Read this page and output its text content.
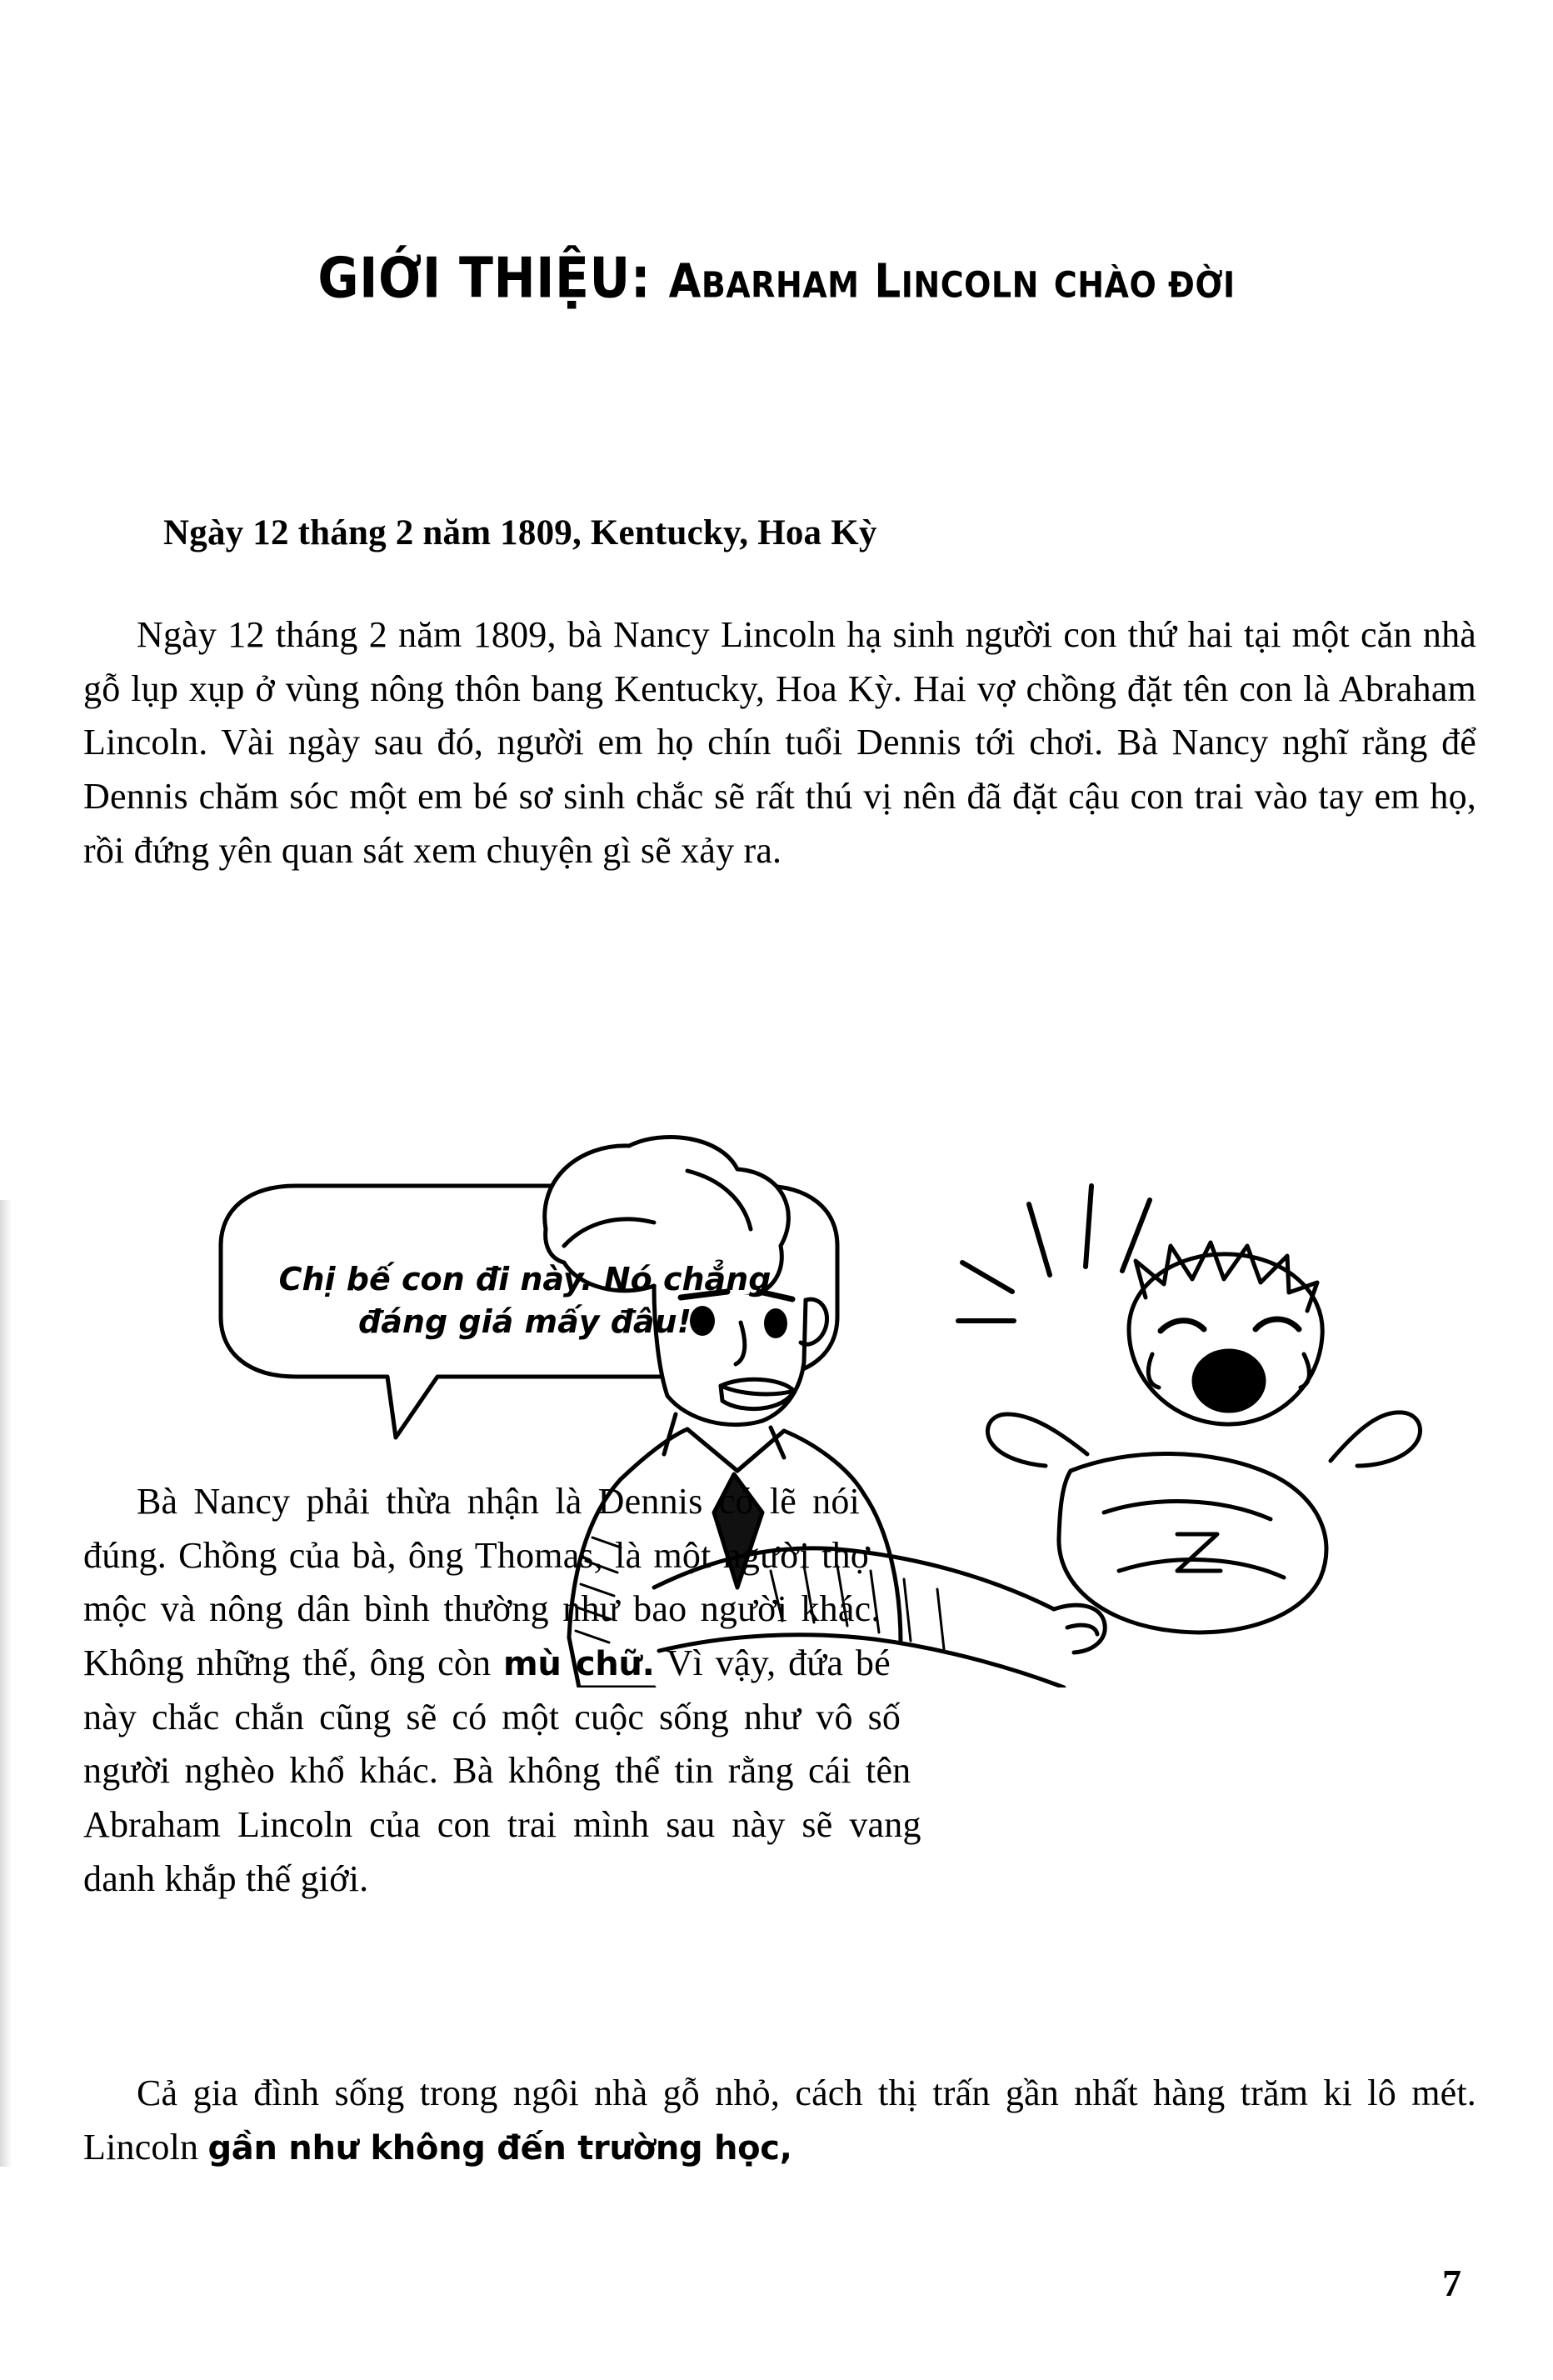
GIỚI THIỆU: ABARHAM LINCOLN CHÀO ĐỜI
Ngày 12 tháng 2 năm 1809, Kentucky, Hoa Kỳ

Ngày 12 tháng 2 năm 1809, bà Nancy Lincoln hạ sinh người con thứ hai tại một căn nhà gỗ lụp xụp ở vùng nông thôn bang Kentucky, Hoa Kỳ. Hai vợ chồng đặt tên con là Abraham Lincoln. Vài ngày sau đó, người em họ chín tuổi Dennis tới chơi. Bà Nancy nghĩ rằng để Dennis chăm sóc một em bé sơ sinh chắc sẽ rất thú vị nên đã đặt cậu con trai vào tay em họ, rồi đứng yên quan sát xem chuyện gì sẽ xảy ra.

Chị bế con đi này. Nó chẳng
đáng giá mấy đâu!

Bà Nancy phải thừa nhận là Dennis có lẽ nói đúng. Chồng của bà, ông Thomas, là một người thợ mộc và nông dân bình thường như bao người khác. Không những thế, ông còn mù chữ. Vì vậy, đứa bé này chắc chắn cũng sẽ có một cuộc sống như vô số người nghèo khổ khác. Bà không thể tin rằng cái tên Abraham Lincoln của con trai mình sau này sẽ vang danh khắp thế giới.

Cả gia đình sống trong ngôi nhà gỗ nhỏ, cách thị trấn gần nhất hàng trăm ki lô mét. Lincoln gần như không đến trường học,

7
